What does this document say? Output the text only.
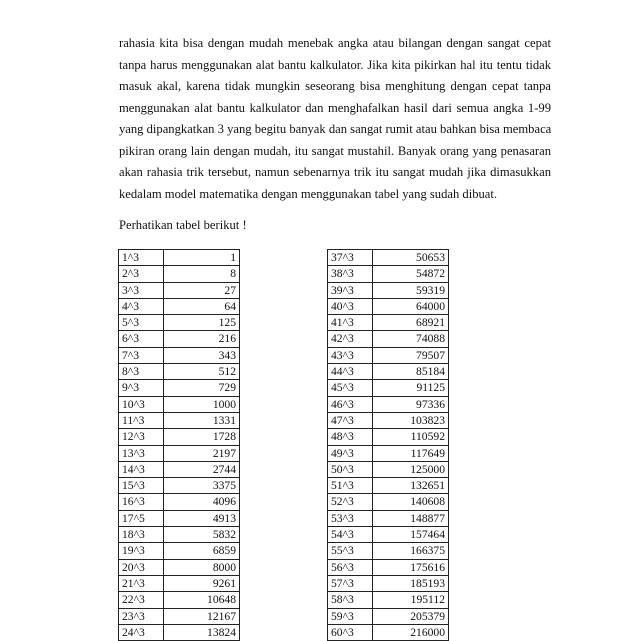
rahasia kita bisa dengan mudah menebak angka atau bilangan dengan sangat cepat
tanpa harus menggunakan alat bantu kalkulator. Jika kita pikirkan hal itu tentu tidak
masuk akal, karena tidak mungkin seseorang bisa menghitung dengan cepat tanpa
menggunakan alat bantu kalkulator dan menghafalkan hasil dari semua angka 1-99
yang dipangkatkan 3 yang begitu banyak dan sangat rumit atau bahkan bisa membaca
pikiran orang lain dengan mudah, itu sangat mustahil. Banyak orang yang penasaran
akan rahasia trik tersebut, namun sebenarnya trik itu sangat mudah jika dimasukkan
kedalam model matematika dengan menggunakan tabel yang sudah dibuat.
Perhatikan tabel berikut !
1^3	1
2^3	8
3^3	27
4^3	64
5^3	125
6^3	216
7^3	343
8^3	512
9^3	729
10^3	1000
11^3	1331
12^3	1728
13^3	2197
14^3	2744
15^3	3375
16^3	4096
17^5	4913
18^3	5832
19^3	6859
20^3	8000
21^3	9261
22^3	10648
23^3	12167
24^3	13824
37^3	50653
38^3	54872
39^3	59319
40^3	64000
41^3	68921
42^3	74088
43^3	79507
44^3	85184
45^3	91125
46^3	97336
47^3	103823
48^3	110592
49^3	117649
50^3	125000
51^3	132651
52^3	140608
53^3	148877
54^3	157464
55^3	166375
56^3	175616
57^3	185193
58^3	195112
59^3	205379
60^3	216000
